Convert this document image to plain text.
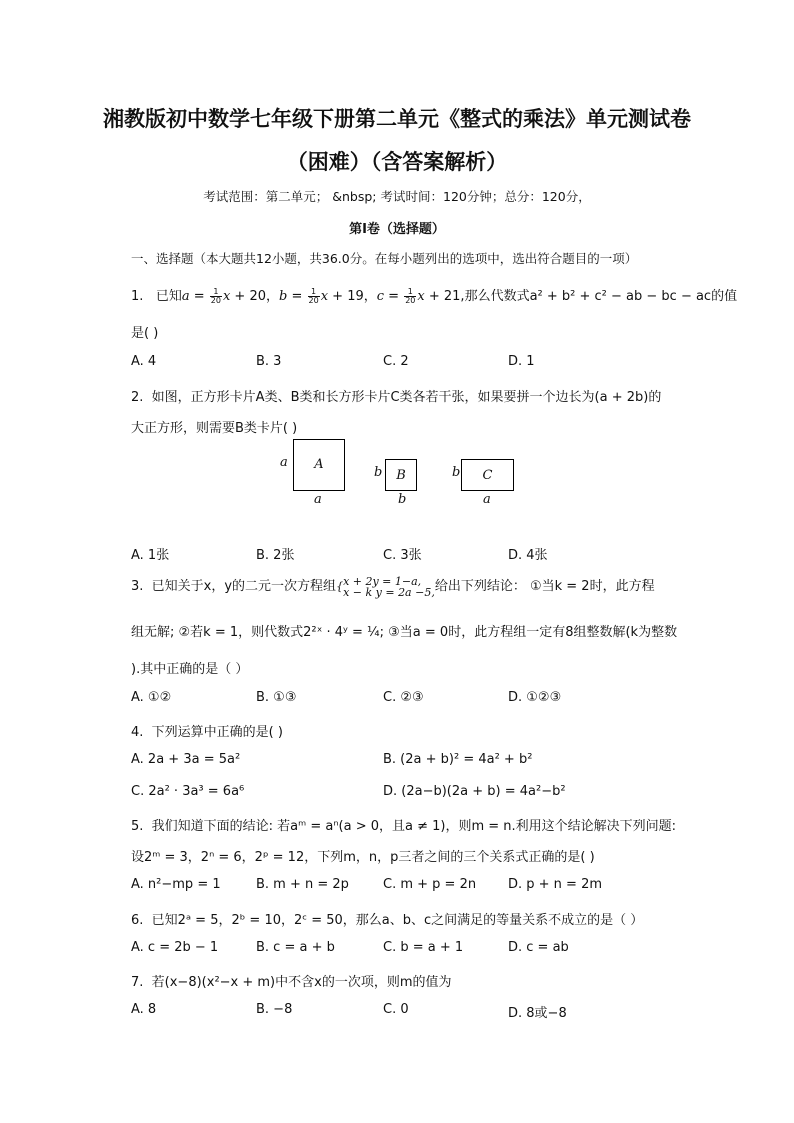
湘教版初中数学七年级下册第二单元《整式的乘法》单元测试卷
（困难）（含答案解析）
考试范围：第二单元； &nbsp; 考试时间：120分钟；总分：120分，
第I卷（选择题）
一、选择题（本大题共12小题，共36.0分。在每小题列出的选项中，选出符合题目的一项）
1. 已知$a = \frac{1}{20}$ x + 20，$b = \frac{1}{20}$ x + 19，$c = \frac{1}{20}$ x + 21,那么代数式a² + b² + c² − ab − bc − ac的值
是( )
A. 4	B. 3	C. 2	D. 1
2. 如图，正方形卡片A类、B类和长方形卡片C类各若干张，如果要拼一个边长为(a + 2b)的
大正方形，则需要B类卡片( )
A
a
a
B
b
b
C
b
a
A. 1张	B. 2张	C. 3张	D. 4张
3. 已知关于x，y的二元一次方程组{ x + 2y = 1−a,
x − k y = 2a −5, 给出下列结论： ①当k = 2时，此方程
组无解; ②若k = 1，则代数式2²ˣ · 4ʸ = ¼; ③当a = 0时，此方程组一定有8组整数解(k为整数
).其中正确的是（ ）
A. ①②	B. ①③	C. ②③	D. ①②③
4. 下列运算中正确的是( )
A. 2a + 3a = 5a²	B. (2a + b)² = 4a² + b²
C. 2a² · 3a³ = 6a⁶	D. (2a−b)(2a + b) = 4a²−b²
5. 我们知道下面的结论: 若aᵐ = aⁿ(a > 0，且a ≠ 1)，则m = n.利用这个结论解决下列问题:
设2ᵐ = 3，2ⁿ = 6，2ᵖ = 12，下列m，n，p三者之间的三个关系式正确的是( )
A. n²−mp = 1	B. m + n = 2p	C. m + p = 2n D. p + n = 2m
6. 已知2ᵃ = 5，2ᵇ = 10，2ᶜ = 50，那么a、b、c之间满足的等量关系不成立的是（ ）
A. c = 2b − 1	B. c = a + b	C. b = a + 1	D. c = ab
7. 若(x−8)(x²−x + m)中不含x的一次项，则m的值为
A. 8	B. −8	C. 0	D. 8或−8
